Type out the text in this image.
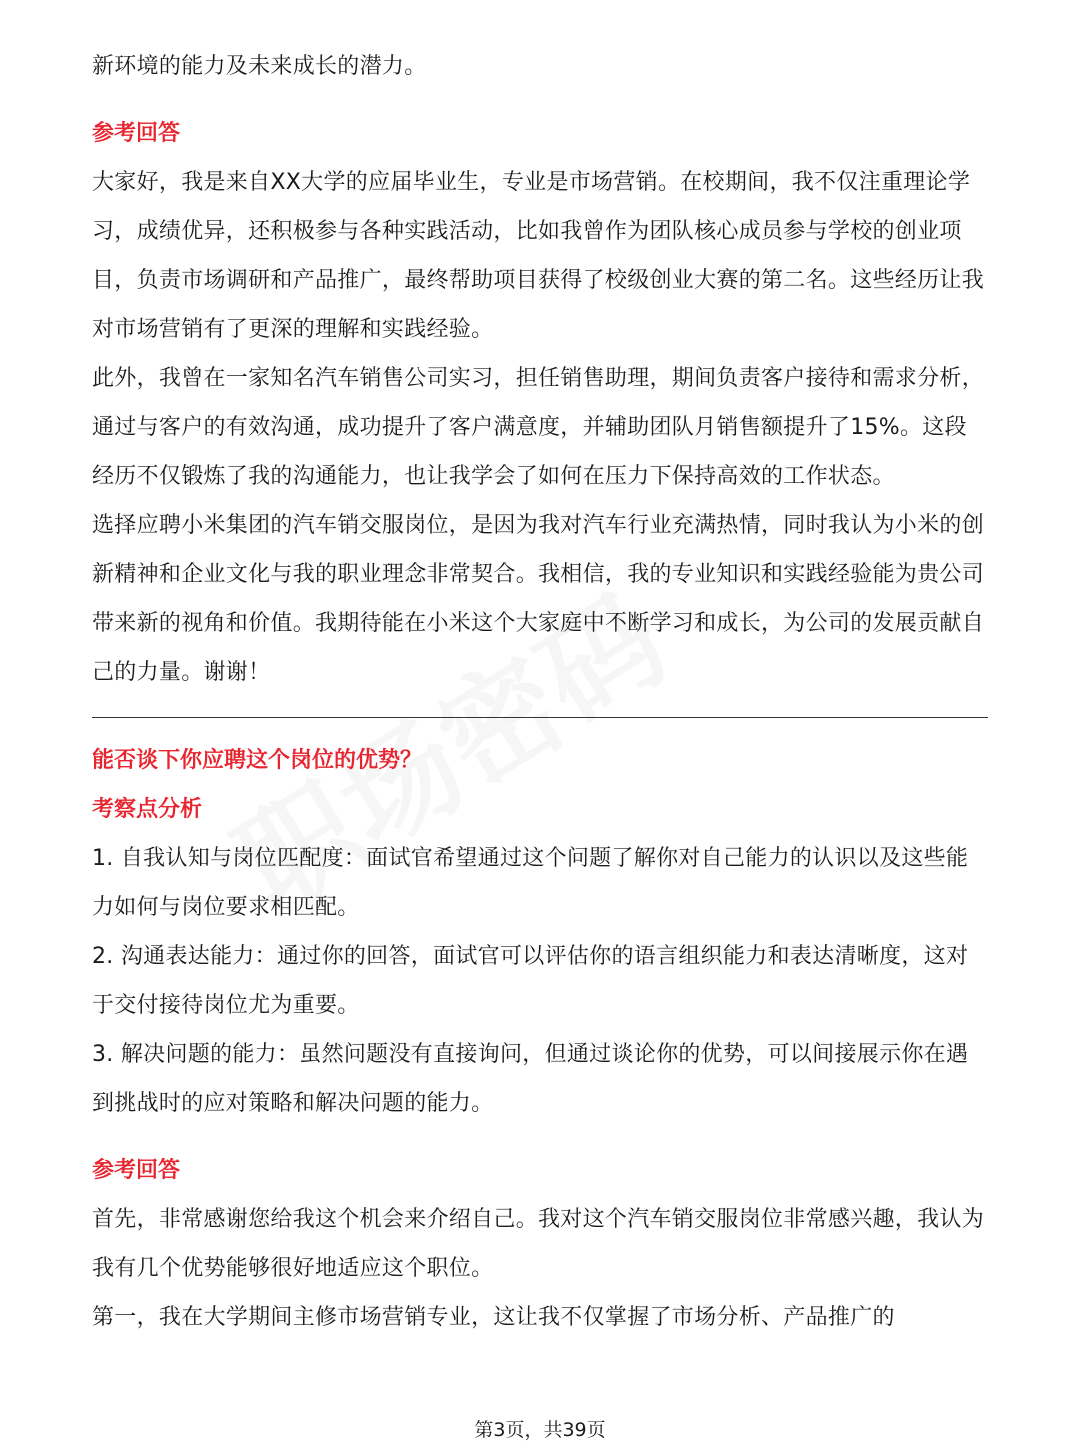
新环境的能力及未来成长的潜力。

参考回答

大家好，我是来自XX大学的应届毕业生，专业是市场营销。在校期间，我不仅注重理论学习，成绩优异，还积极参与各种实践活动，比如我曾作为团队核心成员参与学校的创业项目，负责市场调研和产品推广，最终帮助项目获得了校级创业大赛的第二名。这些经历让我对市场营销有了更深的理解和实践经验。

此外，我曾在一家知名汽车销售公司实习，担任销售助理，期间负责客户接待和需求分析，通过与客户的有效沟通，成功提升了客户满意度，并辅助团队月销售额提升了15%。这段经历不仅锻炼了我的沟通能力，也让我学会了如何在压力下保持高效的工作状态。

选择应聘小米集团的汽车销交服岗位，是因为我对汽车行业充满热情，同时我认为小米的创新精神和企业文化与我的职业理念非常契合。我相信，我的专业知识和实践经验能为贵公司带来新的视角和价值。我期待能在小米这个大家庭中不断学习和成长，为公司的发展贡献自己的力量。谢谢！

能否谈下你应聘这个岗位的优势？
考察点分析

1. 自我认知与岗位匹配度：面试官希望通过这个问题了解你对自己能力的认识以及这些能力如何与岗位要求相匹配。

2. 沟通表达能力：通过你的回答，面试官可以评估你的语言组织能力和表达清晰度，这对于交付接待岗位尤为重要。

3. 解决问题的能力：虽然问题没有直接询问，但通过谈论你的优势，可以间接展示你在遇到挑战时的应对策略和解决问题的能力。

参考回答

首先，非常感谢您给我这个机会来介绍自己。我对这个汽车销交服岗位非常感兴趣，我认为我有几个优势能够很好地适应这个职位。

第一，我在大学期间主修市场营销专业，这让我不仅掌握了市场分析、产品推广的

第3页，共39页
